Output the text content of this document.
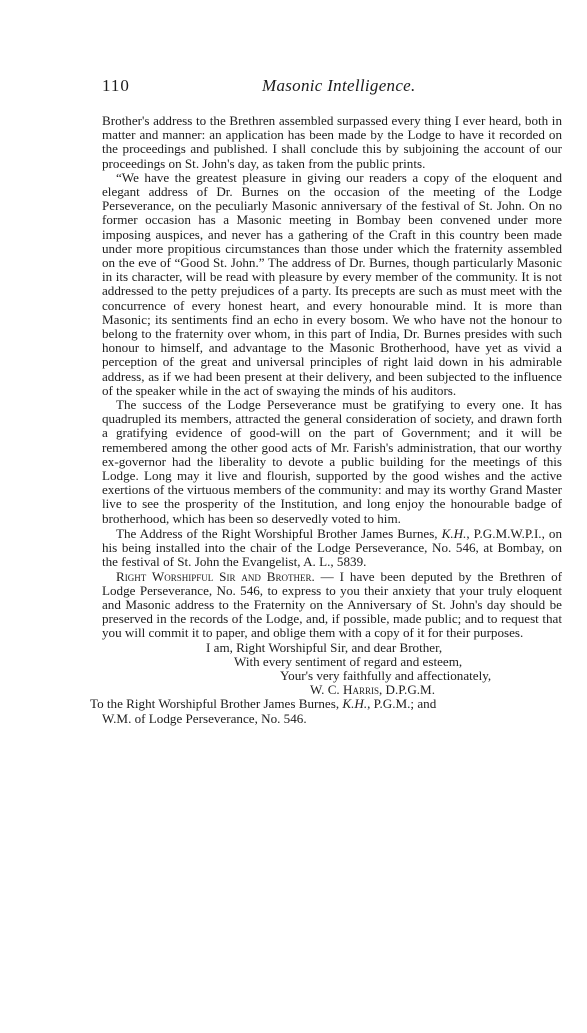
110	Masonic Intelligence.

Brother's address to the Brethren assembled surpassed every thing I ever heard, both in matter and manner: an application has been made by the Lodge to have it recorded on the proceedings and published. I shall conclude this by subjoining the account of our proceedings on St. John's day, as taken from the public prints.

“We have the greatest pleasure in giving our readers a copy of the eloquent and elegant address of Dr. Burnes on the occasion of the meeting of the Lodge Perseverance, on the peculiarly Masonic anniversary of the festival of St. John. On no former occasion has a Masonic meeting in Bombay been convened under more imposing auspices, and never has a gathering of the Craft in this country been made under more propitious circumstances than those under which the fraternity assembled on the eve of “Good St. John.” The address of Dr. Burnes, though particularly Masonic in its character, will be read with pleasure by every member of the community. It is not addressed to the petty prejudices of a party. Its precepts are such as must meet with the concurrence of every honest heart, and every honourable mind. It is more than Masonic; its sentiments find an echo in every bosom. We who have not the honour to belong to the fraternity over whom, in this part of India, Dr. Burnes presides with such honour to himself, and advantage to the Masonic Brotherhood, have yet as vivid a perception of the great and universal principles of right laid down in his admirable address, as if we had been present at their delivery, and been subjected to the influence of the speaker while in the act of swaying the minds of his auditors.

The success of the Lodge Perseverance must be gratifying to every one. It has quadrupled its members, attracted the general consideration of society, and drawn forth a gratifying evidence of good-will on the part of Government; and it will be remembered among the other good acts of Mr. Farish's administration, that our worthy ex-governor had the liberality to devote a public building for the meetings of this Lodge. Long may it live and flourish, supported by the good wishes and the active exertions of the virtuous members of the community: and may its worthy Grand Master live to see the prosperity of the Institution, and long enjoy the honourable badge of brotherhood, which has been so deservedly voted to him.

The Address of the Right Worshipful Brother James Burnes, K.H., P.G.M.W.P.I., on his being installed into the chair of the Lodge Perseverance, No. 546, at Bombay, on the festival of St. John the Evangelist, A. L., 5839.

Right Worshipful Sir and Brother. — I have been deputed by the Brethren of Lodge Perseverance, No. 546, to express to you their anxiety that your truly eloquent and Masonic address to the Fraternity on the Anniversary of St. John's day should be preserved in the records of the Lodge, and, if possible, made public; and to request that you will commit it to paper, and oblige them with a copy of it for their purposes.

I am, Right Worshipful Sir, and dear Brother,
With every sentiment of regard and esteem,
Your's very faithfully and affectionately,
W. C. Harris, D.P.G.M.
To the Right Worshipful Brother James Burnes, K.H., P.G.M.; and
W.M. of Lodge Perseverance, No. 546.
